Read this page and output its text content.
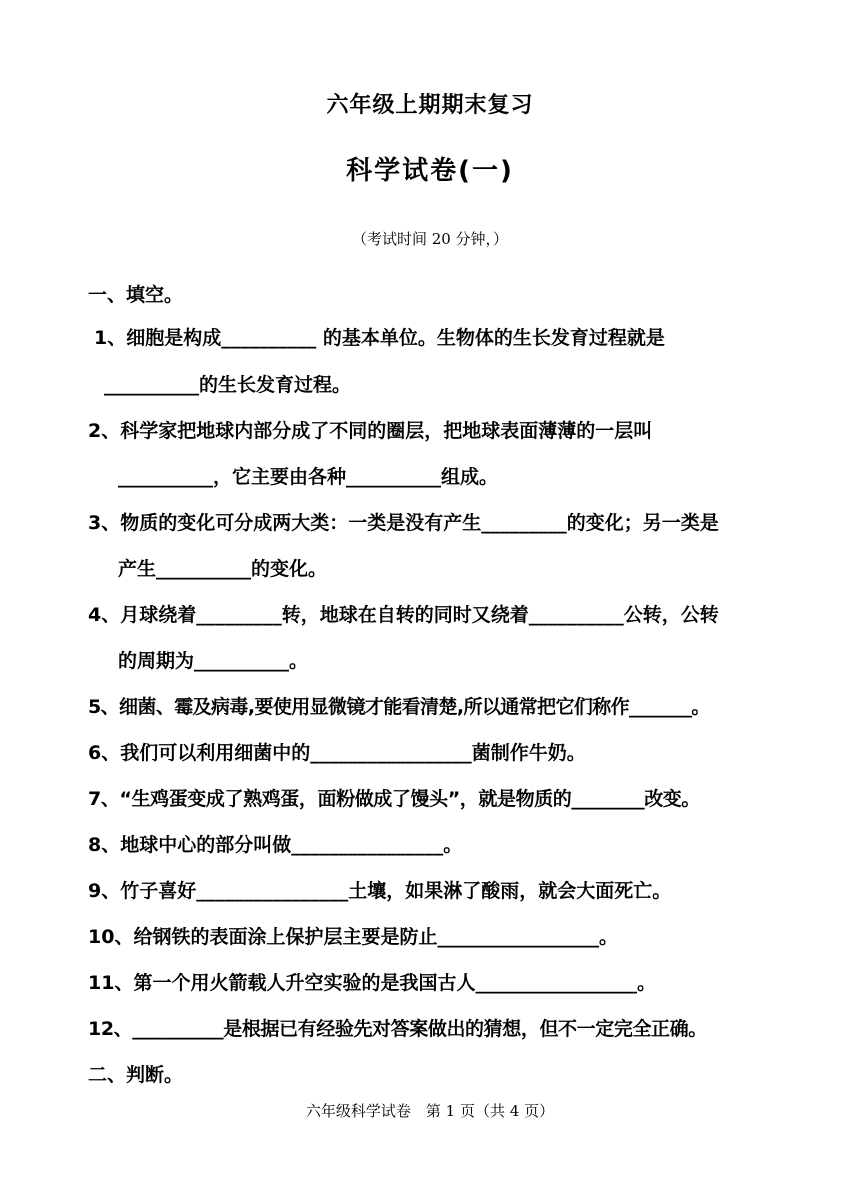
六年级上期期末复习
科学试卷(一)
（考试时间 20 分钟，）
一、填空。
1、细胞是构成__________ 的基本单位。生物体的生长发育过程就是
__________的生长发育过程。
2、科学家把地球内部分成了不同的圈层，把地球表面薄薄的一层叫
__________，它主要由各种__________组成。
3、物质的变化可分成两大类：一类是没有产生_________的变化；另一类是
产生__________的变化。
4、月球绕着_________转，地球在自转的同时又绕着__________公转，公转
的周期为__________。
5、细菌、霉及病毒,要使用显微镜才能看清楚,所以通常把它们称作_______。
6、我们可以利用细菌中的_________________菌制作牛奶。
7、“生鸡蛋变成了熟鸡蛋，面粉做成了馒头”，就是物质的________改变。
8、地球中心的部分叫做________________。
9、竹子喜好________________土壤，如果淋了酸雨，就会大面死亡。
10、给钢铁的表面涂上保护层主要是防止_________________。
11、第一个用火箭载人升空实验的是我国古人_________________。
12、__________是根据已有经验先对答案做出的猜想，但不一定完全正确。
二、判断。
六年级科学试卷　第 1 页（共 4 页）
